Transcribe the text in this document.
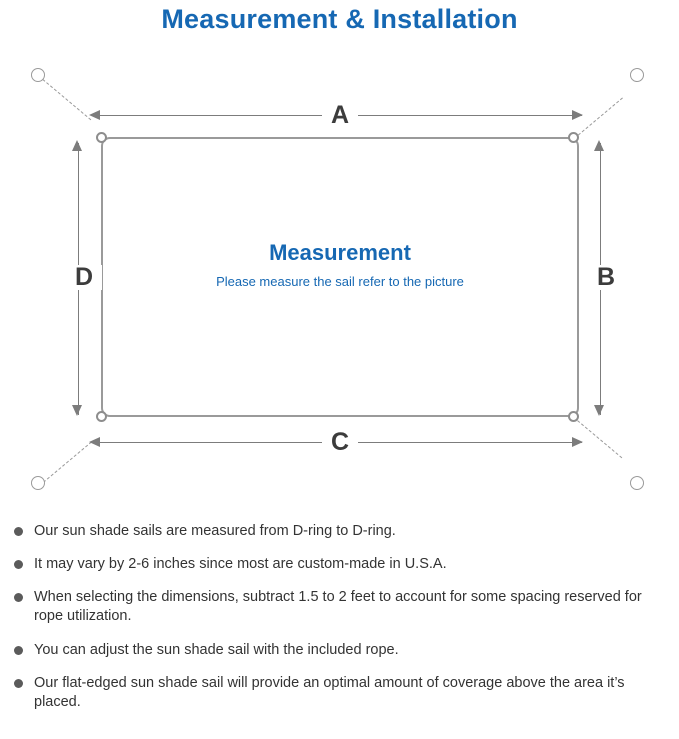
Measurement & Installation
Measurement
Please measure the sail refer to the picture
A
C
D	B
Our sun shade sails are measured from D-ring to D-ring.
It may vary by 2-6 inches since most are custom-made in U.S.A.
When selecting the dimensions, subtract 1.5 to 2 feet to account for some spacing reserved for rope utilization.
You can adjust the sun shade sail with the included rope.
Our flat-edged sun shade sail will provide an optimal amount of coverage above the area it’s placed.
